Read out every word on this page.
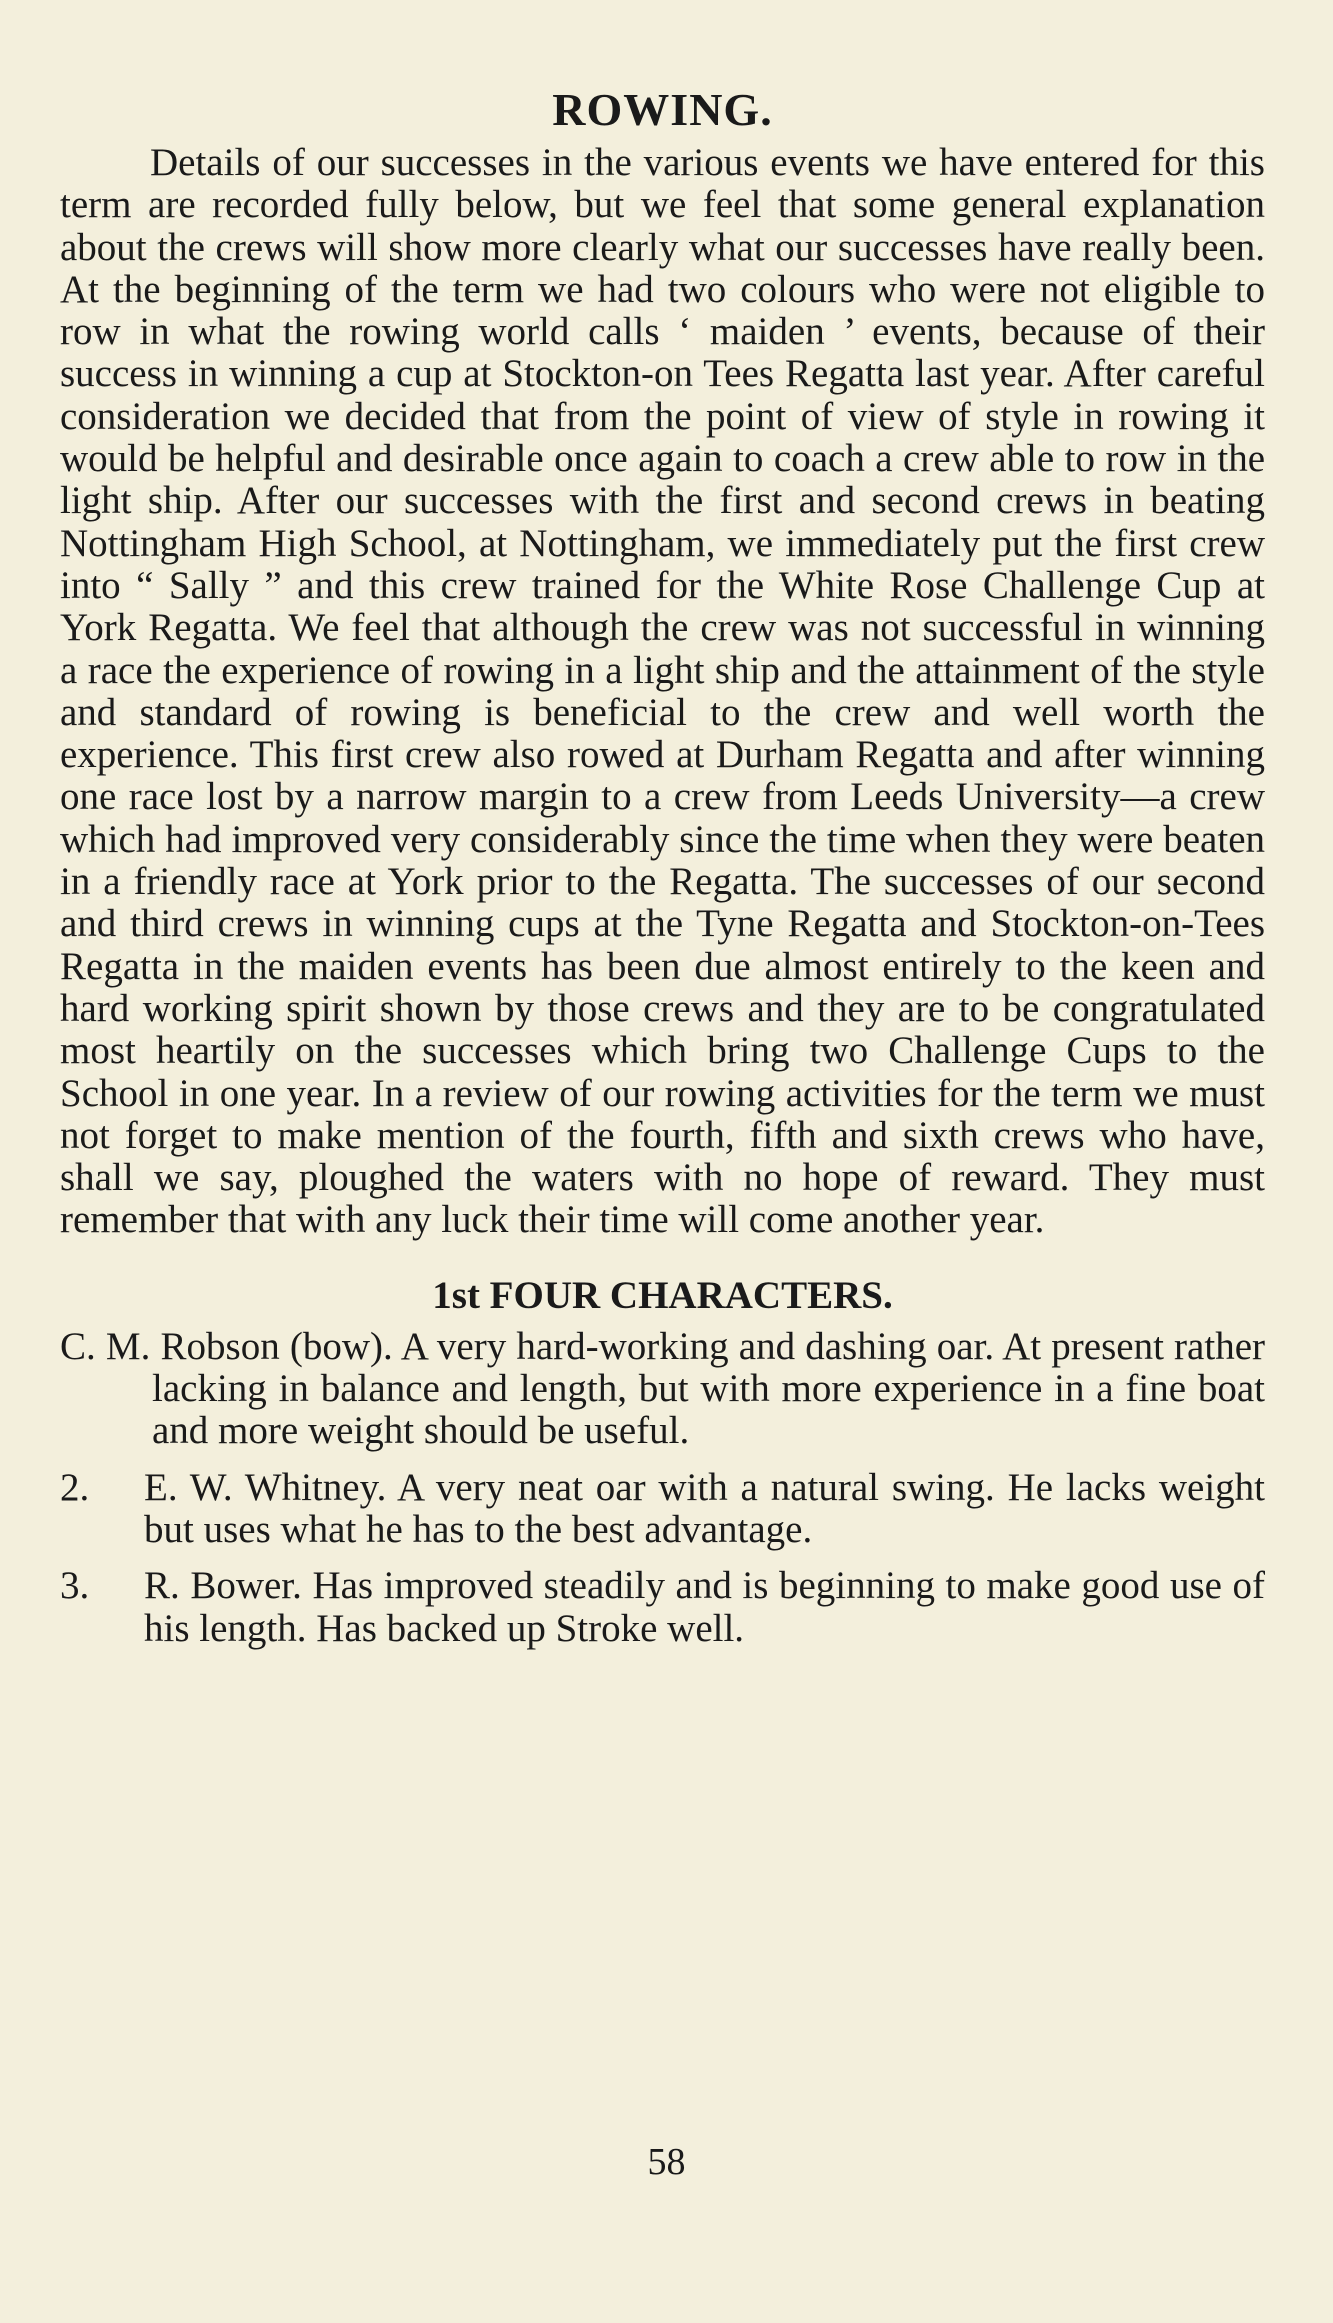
ROWING.

Details of our successes in the various events we have entered for this term are recorded fully below, but we feel that some general explanation about the crews will show more clearly what our successes have really been. At the beginning of the term we had two colours who were not eligible to row in what the rowing world calls ‘ maiden ’ events, because of their success in winning a cup at Stockton-on Tees Regatta last year. After careful consideration we decided that from the point of view of style in rowing it would be helpful and desirable once again to coach a crew able to row in the light ship. After our successes with the first and second crews in beating Nottingham High School, at Nottingham, we immediately put the first crew into “ Sally ” and this crew trained for the White Rose Challenge Cup at York Regatta. We feel that although the crew was not successful in winning a race the experience of rowing in a light ship and the attainment of the style and standard of rowing is beneficial to the crew and well worth the experience. This first crew also rowed at Durham Regatta and after winning one race lost by a narrow margin to a crew from Leeds University—a crew which had improved very considerably since the time when they were beaten in a friendly race at York prior to the Regatta. The successes of our second and third crews in winning cups at the Tyne Regatta and Stockton-on-Tees Regatta in the maiden events has been due almost entirely to the keen and hard working spirit shown by those crews and they are to be congratulated most heartily on the successes which bring two Challenge Cups to the School in one year. In a review of our rowing activities for the term we must not forget to make mention of the fourth, fifth and sixth crews who have, shall we say, ploughed the waters with no hope of reward. They must remember that with any luck their time will come another year.

1st FOUR CHARACTERS.

C. M. Robson (bow). A very hard-working and dashing oar. At present rather lacking in balance and length, but with more experience in a fine boat and more weight should be useful.

2.	E. W. Whitney. A very neat oar with a natural swing. He lacks weight but uses what he has to the best advantage.
3.	R. Bower. Has improved steadily and is beginning to make good use of his length. Has backed up Stroke well.
58
